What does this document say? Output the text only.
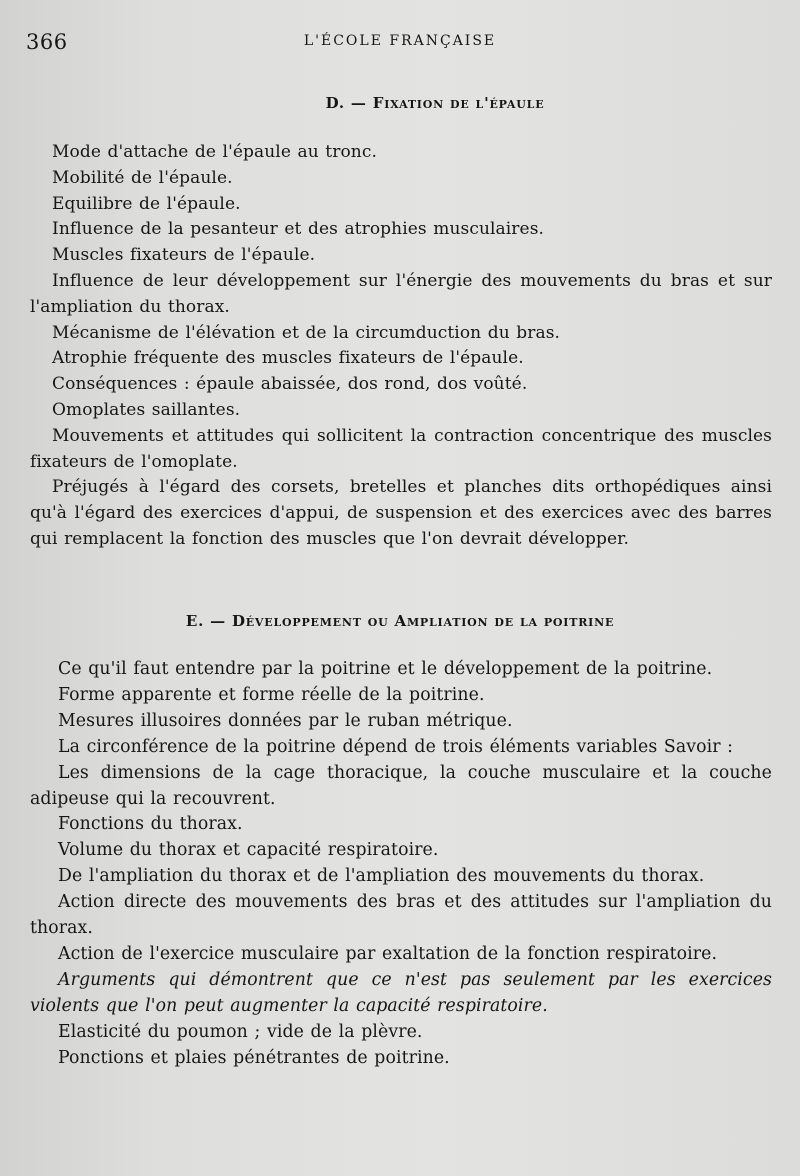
366	L'ÉCOLE FRANÇAISE
D. — Fixation de l'épaule

Mode d'attache de l'épaule au tronc.

Mobilité de l'épaule.

Equilibre de l'épaule.

Influence de la pesanteur et des atrophies musculaires.

Muscles fixateurs de l'épaule.

Influence de leur développement sur l'énergie des mouvements du bras et sur l'ampliation du thorax.

Mécanisme de l'élévation et de la circumduction du bras.

Atrophie fréquente des muscles fixateurs de l'épaule.

Conséquences : épaule abaissée, dos rond, dos voûté.

Omoplates saillantes.

Mouvements et attitudes qui sollicitent la contraction concentrique des muscles fixateurs de l'omoplate.

Préjugés à l'égard des corsets, bretelles et planches dits orthopédiques ainsi qu'à l'égard des exercices d'appui, de suspension et des exercices avec des barres qui remplacent la fonction des muscles que l'on devrait développer.

E. — Développement ou Ampliation de la poitrine

Ce qu'il faut entendre par la poitrine et le développement de la poitrine.

Forme apparente et forme réelle de la poitrine.

Mesures illusoires données par le ruban métrique.

La circonférence de la poitrine dépend de trois éléments variables Savoir :

Les dimensions de la cage thoracique, la couche musculaire et la couche adipeuse qui la recouvrent.

Fonctions du thorax.

Volume du thorax et capacité respiratoire.

De l'ampliation du thorax et de l'ampliation des mouvements du thorax.

Action directe des mouvements des bras et des attitudes sur l'ampliation du thorax.

Action de l'exercice musculaire par exaltation de la fonction respiratoire.

Arguments qui démontrent que ce n'est pas seulement par les exercices violents que l'on peut augmenter la capacité respiratoire.

Elasticité du poumon ; vide de la plèvre.

Ponctions et plaies pénétrantes de poitrine.
